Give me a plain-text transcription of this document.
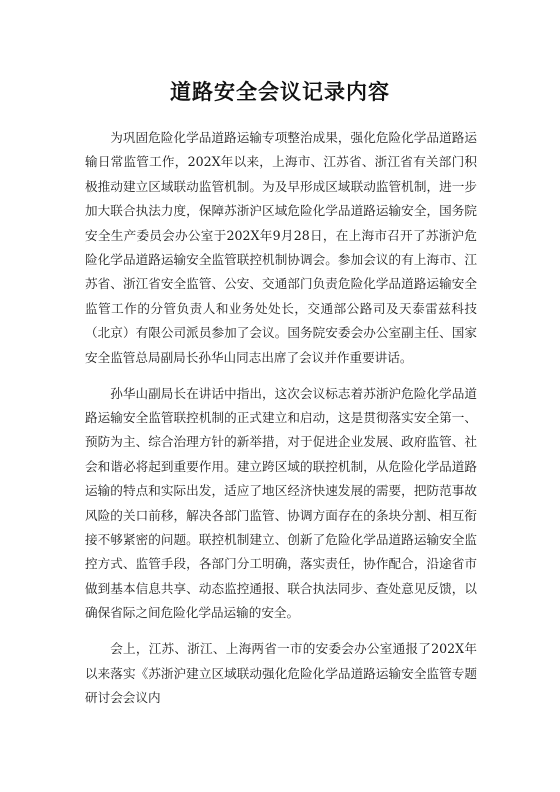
道路安全会议记录内容

为巩固危险化学品道路运输专项整治成果，强化危险化学品道路运输日常监管工作，202X年以来，上海市、江苏省、浙江省有关部门积极推动建立区域联动监管机制。为及早形成区域联动监管机制，进一步加大联合执法力度，保障苏浙沪区域危险化学品道路运输安全，国务院安全生产委员会办公室于202X年9月28日，在上海市召开了苏浙沪危险化学品道路运输安全监管联控机制协调会。参加会议的有上海市、江苏省、浙江省安全监管、公安、交通部门负责危险化学品道路运输安全监管工作的分管负责人和业务处处长，交通部公路司及天泰雷兹科技（北京）有限公司派员参加了会议。国务院安委会办公室副主任、国家安全监管总局副局长孙华山同志出席了会议并作重要讲话。

孙华山副局长在讲话中指出，这次会议标志着苏浙沪危险化学品道路运输安全监管联控机制的正式建立和启动，这是贯彻落实安全第一、预防为主、综合治理方针的新举措，对于促进企业发展、政府监管、社会和谐必将起到重要作用。建立跨区域的联控机制，从危险化学品道路运输的特点和实际出发，适应了地区经济快速发展的需要，把防范事故风险的关口前移，解决各部门监管、协调方面存在的条块分割、相互衔接不够紧密的问题。联控机制建立、创新了危险化学品道路运输安全监控方式、监管手段，各部门分工明确，落实责任，协作配合，沿途省市做到基本信息共享、动态监控通报、联合执法同步、查处意见反馈，以确保省际之间危险化学品运输的安全。

会上，江苏、浙江、上海两省一市的安委会办公室通报了202X年以来落实《苏浙沪建立区域联动强化危险化学品道路运输安全监管专题研讨会会议内
